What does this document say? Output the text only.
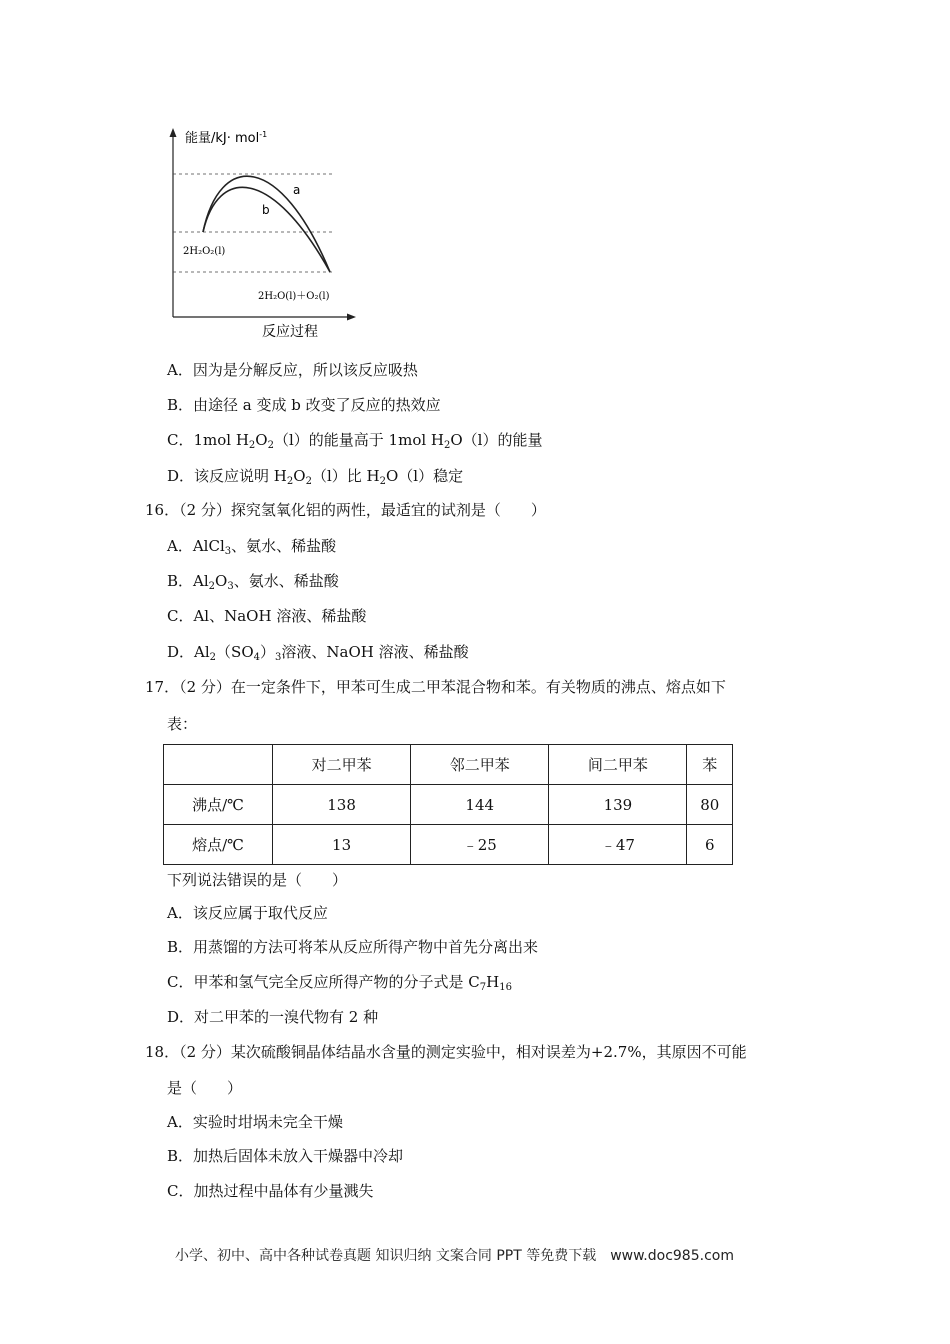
能量/kJ· mol$^{-1}$
a
b
2H₂O₂(l)
2H₂O(l)＋O₂(l)
反应过程
A．因为是分解反应，所以该反应吸热
B．由途径 a 变成 b 改变了反应的热效应
C．1mol $H_2O_2(l)$的能量高于 1mol $H_2O(l)$的能量
D．该反应说明 $H_2O_2(l)$比 $H_2O(l)$稳定
16．（2 分）探究氢氧化铝的两性，最适宜的试剂是（　　）
A．AlCl$_3$、氨水、稀盐酸
B．$Al_2O_3$、氨水、稀盐酸
C．Al、NaOH 溶液、稀盐酸
D．$Al_2(SO_4)_3$溶液、NaOH 溶液、稀盐酸
17．（2 分）在一定条件下，甲苯可生成二甲苯混合物和苯。有关物质的沸点、熔点如下
表：
	对二甲苯	邻二甲苯	间二甲苯	苯
沸点/℃	138	144	139	80
熔点/℃	13	﹣25	﹣47	6
下列说法错误的是（　　）
A．该反应属于取代反应
B．用蒸馏的方法可将苯从反应所得产物中首先分离出来
C．甲苯和氢气完全反应所得产物的分子式是 $C_7H_{16}$
D．对二甲苯的一溴代物有 2 种
18．（2 分）某次硫酸铜晶体结晶水含量的测定实验中，相对误差为+2.7%，其原因不可能
是（　　）
A．实验时坩埚未完全干燥
B．加热后固体未放入干燥器中冷却
C．加热过程中晶体有少量溅失
小学、初中、高中各种试卷真题 知识归纳 文案合同 PPT 等免费下载　www.doc985.com
